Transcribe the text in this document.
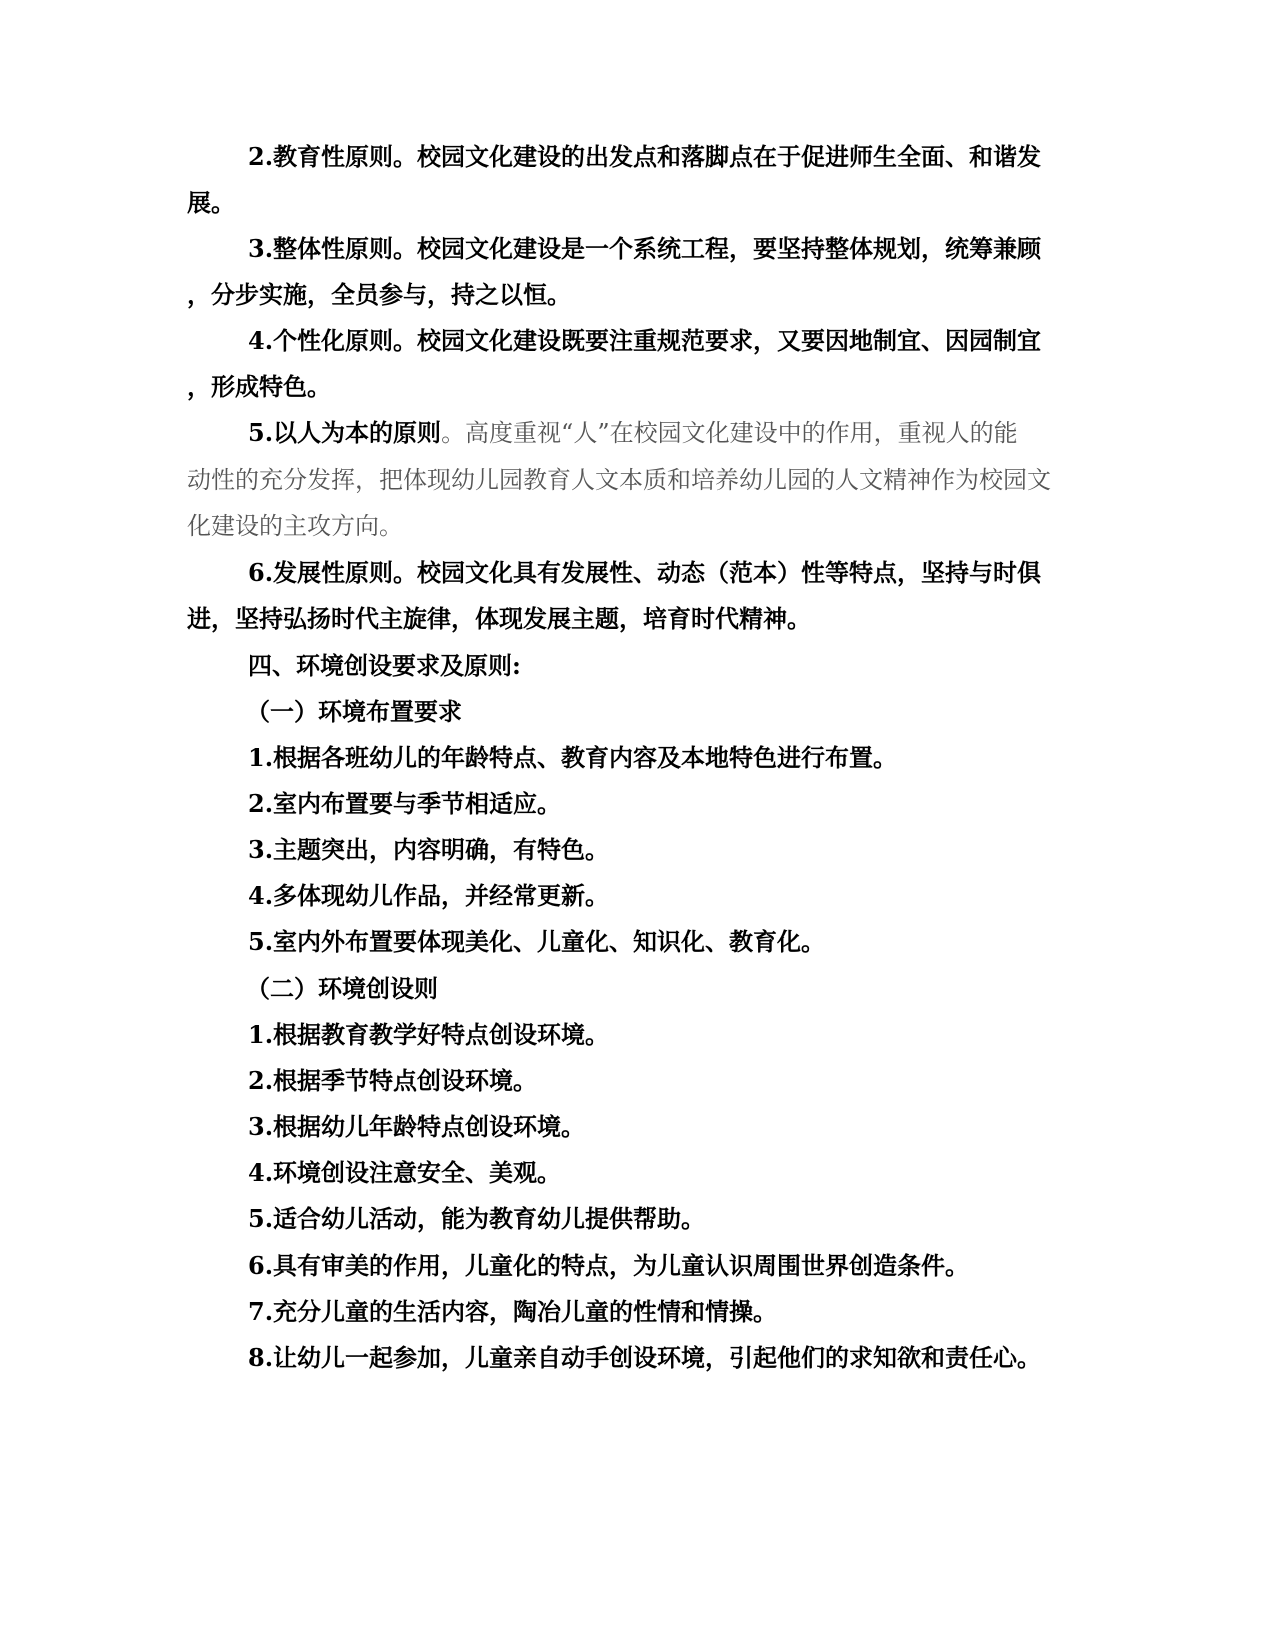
2.教育性原则。校园文化建设的出发点和落脚点在于促进师生全面、和谐发
展。
3.整体性原则。校园文化建设是一个系统工程，要坚持整体规划，统筹兼顾
，分步实施，全员参与，持之以恒。
4.个性化原则。校园文化建设既要注重规范要求，又要因地制宜、因园制宜
，形成特色。
5.以人为本的原则。高度重视“人”在校园文化建设中的作用，重视人的能
动性的充分发挥，把体现幼儿园教育人文本质和培养幼儿园的人文精神作为校园文
化建设的主攻方向。
6.发展性原则。校园文化具有发展性、动态（范本）性等特点，坚持与时俱
进，坚持弘扬时代主旋律，体现发展主题，培育时代精神。
四、环境创设要求及原则:
（一）环境布置要求
1.根据各班幼儿的年龄特点、教育内容及本地特色进行布置。
2.室内布置要与季节相适应。
3.主题突出，内容明确，有特色。
4.多体现幼儿作品，并经常更新。
5.室内外布置要体现美化、儿童化、知识化、教育化。
（二）环境创设则
1.根据教育教学好特点创设环境。
2.根据季节特点创设环境。
3.根据幼儿年龄特点创设环境。
4.环境创设注意安全、美观。
5.适合幼儿活动，能为教育幼儿提供帮助。
6.具有审美的作用，儿童化的特点，为儿童认识周围世界创造条件。
7.充分儿童的生活内容，陶冶儿童的性情和情操。
8.让幼儿一起参加，儿童亲自动手创设环境，引起他们的求知欲和责任心。
